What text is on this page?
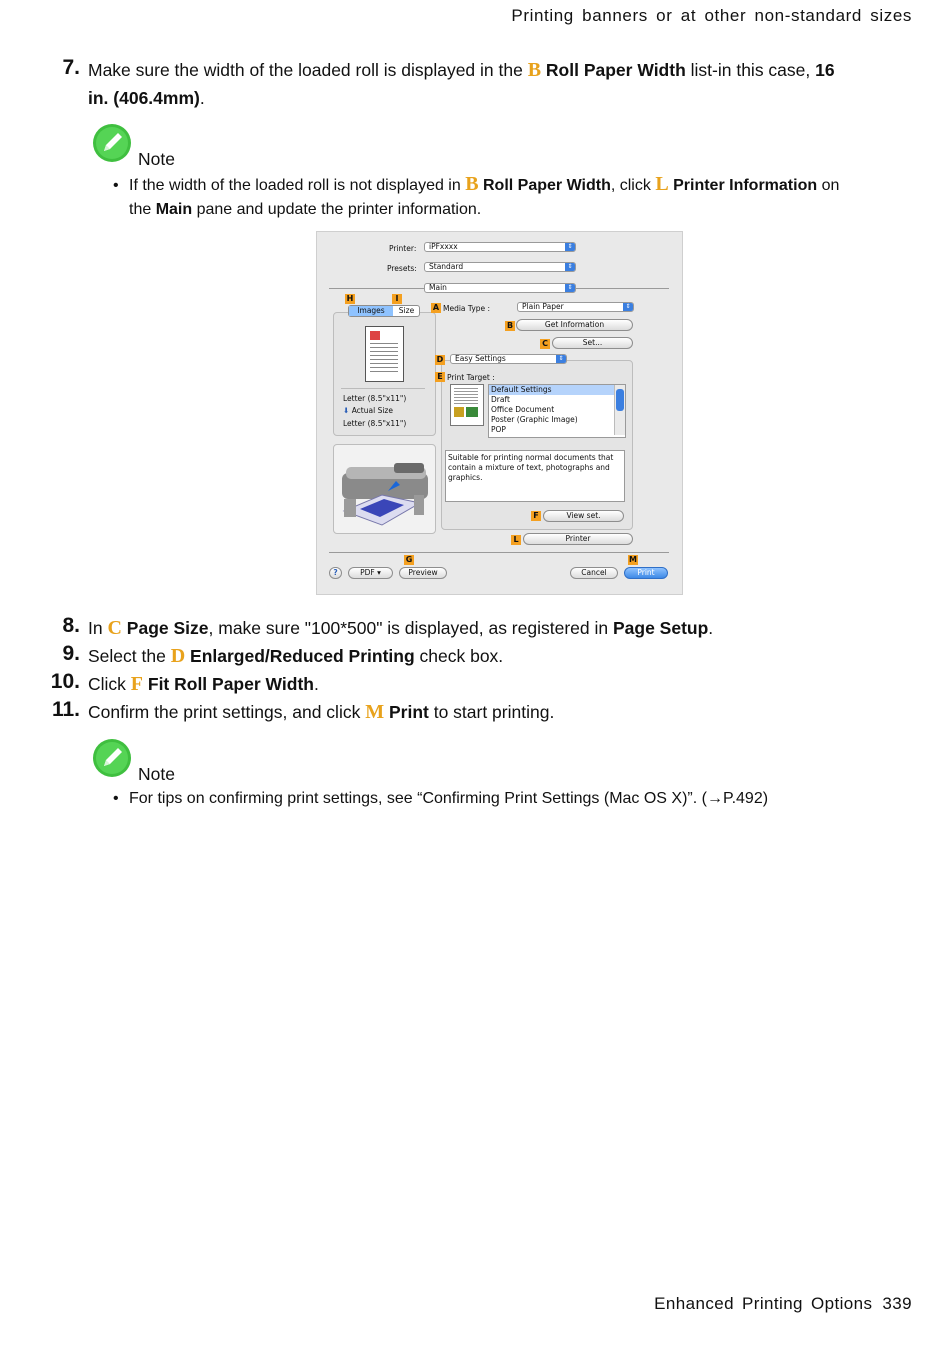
Printing banners or at other non-standard sizes
7. Make sure the width of the loaded roll is displayed in the B Roll Paper Width list-in this case, 16
in. (406.4mm).
Note
• If the width of the loaded roll is not displayed in B Roll Paper Width, click L Printer Information on
the Main pane and update the printer information.
Printer:	iPFxxxx	⇕
Presets:	Standard	⇕
Main	⇕
H	I
Images	Size
Letter (8.5"x11")
⬇ Actual Size
Letter (8.5"x11")
A Media Type :	Plain Paper	⇕
B	Get Information
C	Set...
D	Easy Settings	⇕
E Print Target :
Default Settings
Draft
Office Document
Poster (Graphic Image)
POP
Suitable for printing normal documents that contain a mixture of text, photographs and graphics.
F	View set.
L	Printer
G	M
?	PDF ▾	Preview	Cancel	Print
8. In C Page Size, make sure "100*500" is displayed, as registered in Page Setup.
9. Select the D Enlarged/Reduced Printing check box.
10. Click F Fit Roll Paper Width.
11. Confirm the print settings, and click M Print to start printing.
Note
• For tips on confirming print settings, see “Confirming Print Settings (Mac OS X)”. (→P.492)
Enhanced Printing Options 339
